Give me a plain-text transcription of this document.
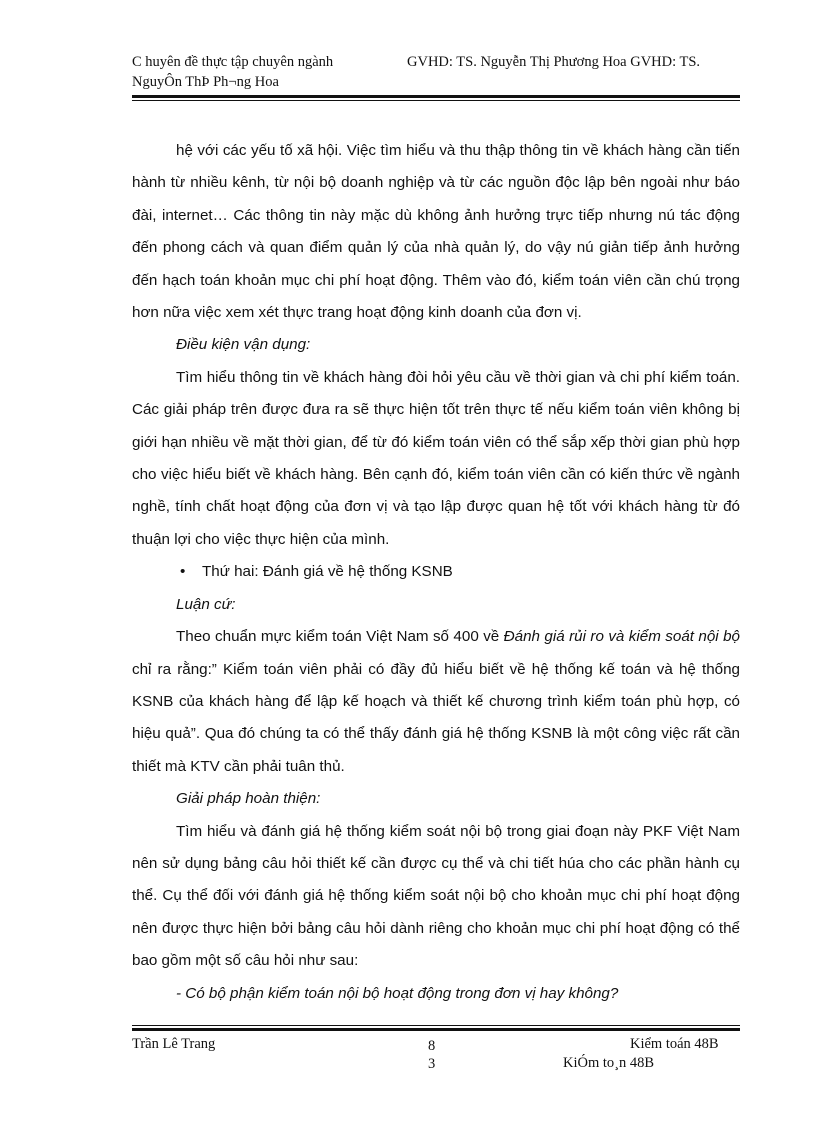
C huyên đề thực tập chuyên ngành
NguyÔn ThÞ Ph¬ng Hoa
GVHD: TS. Nguyễn Thị Phương Hoa GVHD: TS.

hệ với các yếu tố xã hội. Việc tìm hiểu và thu thập thông tin về khách hàng cần tiến hành từ nhiều kênh, từ nội bộ doanh nghiệp và từ các nguồn độc lập bên ngoài như báo đài, internet… Các thông tin này mặc dù không ảnh hưởng trực tiếp nhưng nú tác động đến phong cách và quan điểm quản lý của nhà quản lý, do vậy nú giản tiếp ảnh hưởng đến hạch toán khoản mục chi phí hoạt động. Thêm vào đó, kiểm toán viên cần chú trọng hơn nữa việc xem xét thực trang hoạt động kinh doanh của đơn vị.

Điều kiện vận dụng:

Tìm hiểu thông tin về khách hàng đòi hỏi yêu cầu về thời gian và chi phí kiểm toán. Các giải pháp trên được đưa ra sẽ thực hiện tốt trên thực tế nếu kiểm toán viên không bị giới hạn nhiều về mặt thời gian, để từ đó kiểm toán viên có thể sắp xếp thời gian phù hợp cho việc hiểu biết về khách hàng. Bên cạnh đó, kiểm toán viên cần có kiến thức về ngành nghề, tính chất hoạt động của đơn vị và tạo lập được quan hệ tốt với khách hàng từ đó thuận lợi cho việc thực hiện của mình.

• Thứ hai: Đánh giá về hệ thống KSNB

Luận cứ:

Theo chuẩn mực kiểm toán Việt Nam số 400 về Đánh giá rủi ro và kiểm soát nội bộ chỉ ra rằng:” Kiểm toán viên phải có đầy đủ hiểu biết về hệ thống kế toán và hệ thống KSNB của khách hàng để lập kế hoạch và thiết kế chương trình kiểm toán phù hợp, có hiệu quả”. Qua đó chúng ta có thể thấy đánh giá hệ thống KSNB là một công việc rất cần thiết mà KTV cần phải tuân thủ.

Giải pháp hoàn thiện:

Tìm hiểu và đánh giá hệ thống kiểm soát nội bộ trong giai đoạn này PKF Việt Nam nên sử dụng bảng câu hỏi thiết kế cần được cụ thể và chi tiết húa cho các phần hành cụ thể. Cụ thể đối với đánh giá hệ thống kiểm soát nội bộ cho khoản mục chi phí hoạt động nên được thực hiện bởi bảng câu hỏi dành riêng cho khoản mục chi phí hoạt động có thể bao gồm một số câu hỏi như sau:

- Có bộ phận kiểm toán nội bộ hoạt động trong đơn vị hay không?

Trần Lê Trang	8
3
Kiểm toán 48B
KiÓm to¸n 48B
